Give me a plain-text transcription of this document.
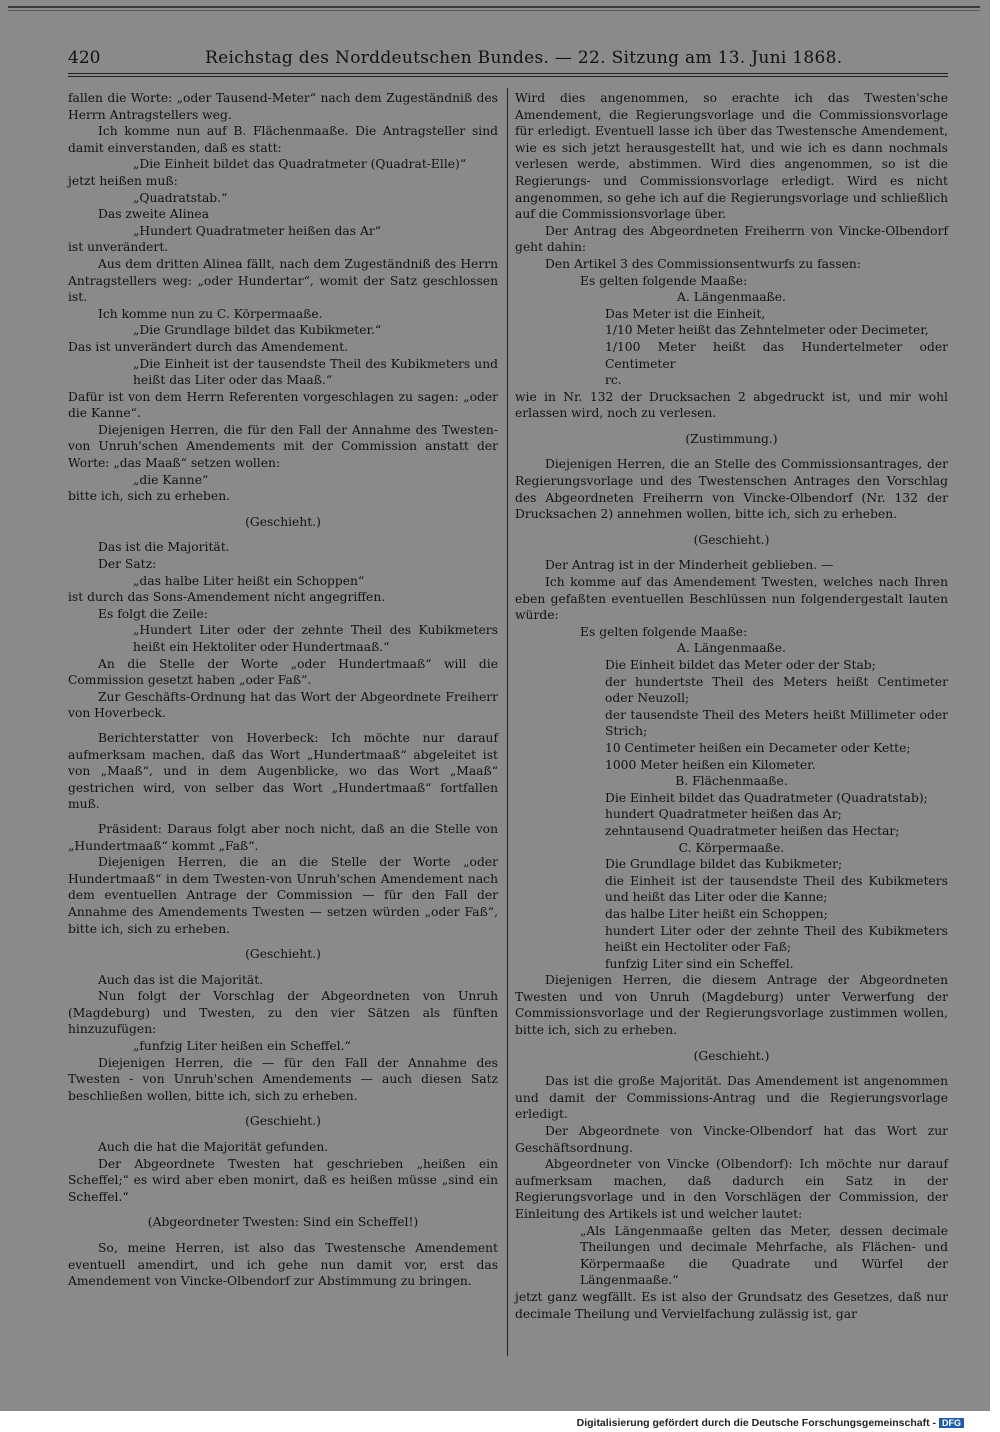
420	Reichstag des Norddeutschen Bundes. — 22. Sitzung am 13. Juni 1868.

fallen die Worte: „oder Tausend-Meter“ nach dem Zugeständniß des Herrn Antragstellers weg.

Ich komme nun auf B. Flächenmaaße. Die Antragsteller sind damit einverstanden, daß es statt:

„Die Einheit bildet das Quadratmeter (Quadrat-Elle)“

jetzt heißen muß:

„Quadratstab.“

Das zweite Alinea

„Hundert Quadratmeter heißen das Ar“

ist unverändert.

Aus dem dritten Alinea fällt, nach dem Zugeständniß des Herrn Antragstellers weg: „oder Hundertar“, womit der Satz geschlossen ist.

Ich komme nun zu C. Körpermaaße.

„Die Grundlage bildet das Kubikmeter.“

Das ist unverändert durch das Amendement.

„Die Einheit ist der tausendste Theil des Kubikmeters und heißt das Liter oder das Maaß.“

Dafür ist von dem Herrn Referenten vorgeschlagen zu sagen: „oder die Kanne“.

Diejenigen Herren, die für den Fall der Annahme des Twesten-von Unruh'schen Amendements mit der Commission anstatt der Worte: „das Maaß“ setzen wollen:

„die Kanne“

bitte ich, sich zu erheben.

(Geschieht.)

Das ist die Majorität.

Der Satz:

„das halbe Liter heißt ein Schoppen“

ist durch das Sons-Amendement nicht angegriffen.

Es folgt die Zeile:

„Hundert Liter oder der zehnte Theil des Kubikmeters heißt ein Hektoliter oder Hundertmaaß.“

An die Stelle der Worte „oder Hundertmaaß“ will die Commission gesetzt haben „oder Faß“.

Zur Geschäfts-Ordnung hat das Wort der Abgeordnete Freiherr von Hoverbeck.

Berichterstatter von Hoverbeck: Ich möchte nur darauf aufmerksam machen, daß das Wort „Hundertmaaß“ abgeleitet ist von „Maaß“, und in dem Augenblicke, wo das Wort „Maaß“ gestrichen wird, von selber das Wort „Hundertmaaß“ fortfallen muß.

Präsident: Daraus folgt aber noch nicht, daß an die Stelle von „Hundertmaaß“ kommt „Faß“.

Diejenigen Herren, die an die Stelle der Worte „oder Hundertmaaß“ in dem Twesten-von Unruh'schen Amendement nach dem eventuellen Antrage der Commission — für den Fall der Annahme des Amendements Twesten — setzen würden „oder Faß“, bitte ich, sich zu erheben.

(Geschieht.)

Auch das ist die Majorität.

Nun folgt der Vorschlag der Abgeordneten von Unruh (Magdeburg) und Twesten, zu den vier Sätzen als fünften hinzuzufügen:

„funfzig Liter heißen ein Scheffel.“

Diejenigen Herren, die — für den Fall der Annahme des Twesten - von Unruh'schen Amendements — auch diesen Satz beschließen wollen, bitte ich, sich zu erheben.

(Geschieht.)

Auch die hat die Majorität gefunden.

Der Abgeordnete Twesten hat geschrieben „heißen ein Scheffel;“ es wird aber eben monirt, daß es heißen müsse „sind ein Scheffel.“

(Abgeordneter Twesten: Sind ein Scheffel!)

So, meine Herren, ist also das Twestensche Amendement eventuell amendirt, und ich gehe nun damit vor, erst das Amendement von Vincke-Olbendorf zur Abstimmung zu bringen.

Wird dies angenommen, so erachte ich das Twesten'sche Amendement, die Regierungsvorlage und die Commissionsvorlage für erledigt. Eventuell lasse ich über das Twestensche Amendement, wie es sich jetzt herausgestellt hat, und wie ich es dann nochmals verlesen werde, abstimmen. Wird dies angenommen, so ist die Regierungs- und Commissionsvorlage erledigt. Wird es nicht angenommen, so gehe ich auf die Regierungsvorlage und schließlich auf die Commissionsvorlage über.

Der Antrag des Abgeordneten Freiherrn von Vincke-Olbendorf geht dahin:

Den Artikel 3 des Commissionsentwurfs zu fassen:

Es gelten folgende Maaße:

A. Längenmaaße.

Das Meter ist die Einheit,

1/10 Meter heißt das Zehntelmeter oder Decimeter,

1/100 Meter heißt das Hundertelmeter oder Centimeter

rc.

wie in Nr. 132 der Drucksachen 2 abgedruckt ist, und mir wohl erlassen wird, noch zu verlesen.

(Zustimmung.)

Diejenigen Herren, die an Stelle des Commissionsantrages, der Regierungsvorlage und des Twestenschen Antrages den Vorschlag des Abgeordneten Freiherrn von Vincke-Olbendorf (Nr. 132 der Drucksachen 2) annehmen wollen, bitte ich, sich zu erheben.

(Geschieht.)

Der Antrag ist in der Minderheit geblieben. —

Ich komme auf das Amendement Twesten, welches nach Ihren eben gefaßten eventuellen Beschlüssen nun folgendergestalt lauten würde:

Es gelten folgende Maaße:

A. Längenmaaße.

Die Einheit bildet das Meter oder der Stab;

der hundertste Theil des Meters heißt Centimeter oder Neuzoll;

der tausendste Theil des Meters heißt Millimeter oder Strich;

10 Centimeter heißen ein Decameter oder Kette;

1000 Meter heißen ein Kilometer.

B. Flächenmaaße.

Die Einheit bildet das Quadratmeter (Quadratstab);

hundert Quadratmeter heißen das Ar;

zehntausend Quadratmeter heißen das Hectar;

C. Körpermaaße.

Die Grundlage bildet das Kubikmeter;

die Einheit ist der tausendste Theil des Kubikmeters und heißt das Liter oder die Kanne;

das halbe Liter heißt ein Schoppen;

hundert Liter oder der zehnte Theil des Kubikmeters heißt ein Hectoliter oder Faß;

funfzig Liter sind ein Scheffel.

Diejenigen Herren, die diesem Antrage der Abgeordneten Twesten und von Unruh (Magdeburg) unter Verwerfung der Commissionsvorlage und der Regierungsvorlage zustimmen wollen, bitte ich, sich zu erheben.

(Geschieht.)

Das ist die große Majorität. Das Amendement ist angenommen und damit der Commissions-Antrag und die Regierungsvorlage erledigt.

Der Abgeordnete von Vincke-Olbendorf hat das Wort zur Geschäftsordnung.

Abgeordneter von Vincke (Olbendorf): Ich möchte nur darauf aufmerksam machen, daß dadurch ein Satz in der Regierungsvorlage und in den Vorschlägen der Commission, der Einleitung des Artikels ist und welcher lautet:

„Als Längenmaaße gelten das Meter, dessen decimale Theilungen und decimale Mehrfache, als Flächen- und Körpermaaße die Quadrate und Würfel der Längenmaaße.“

jetzt ganz wegfällt. Es ist also der Grundsatz des Gesetzes, daß nur decimale Theilung und Vervielfachung zulässig ist, gar

Digitalisierung gefördert durch die Deutsche Forschungsgemeinschaft - DFG
